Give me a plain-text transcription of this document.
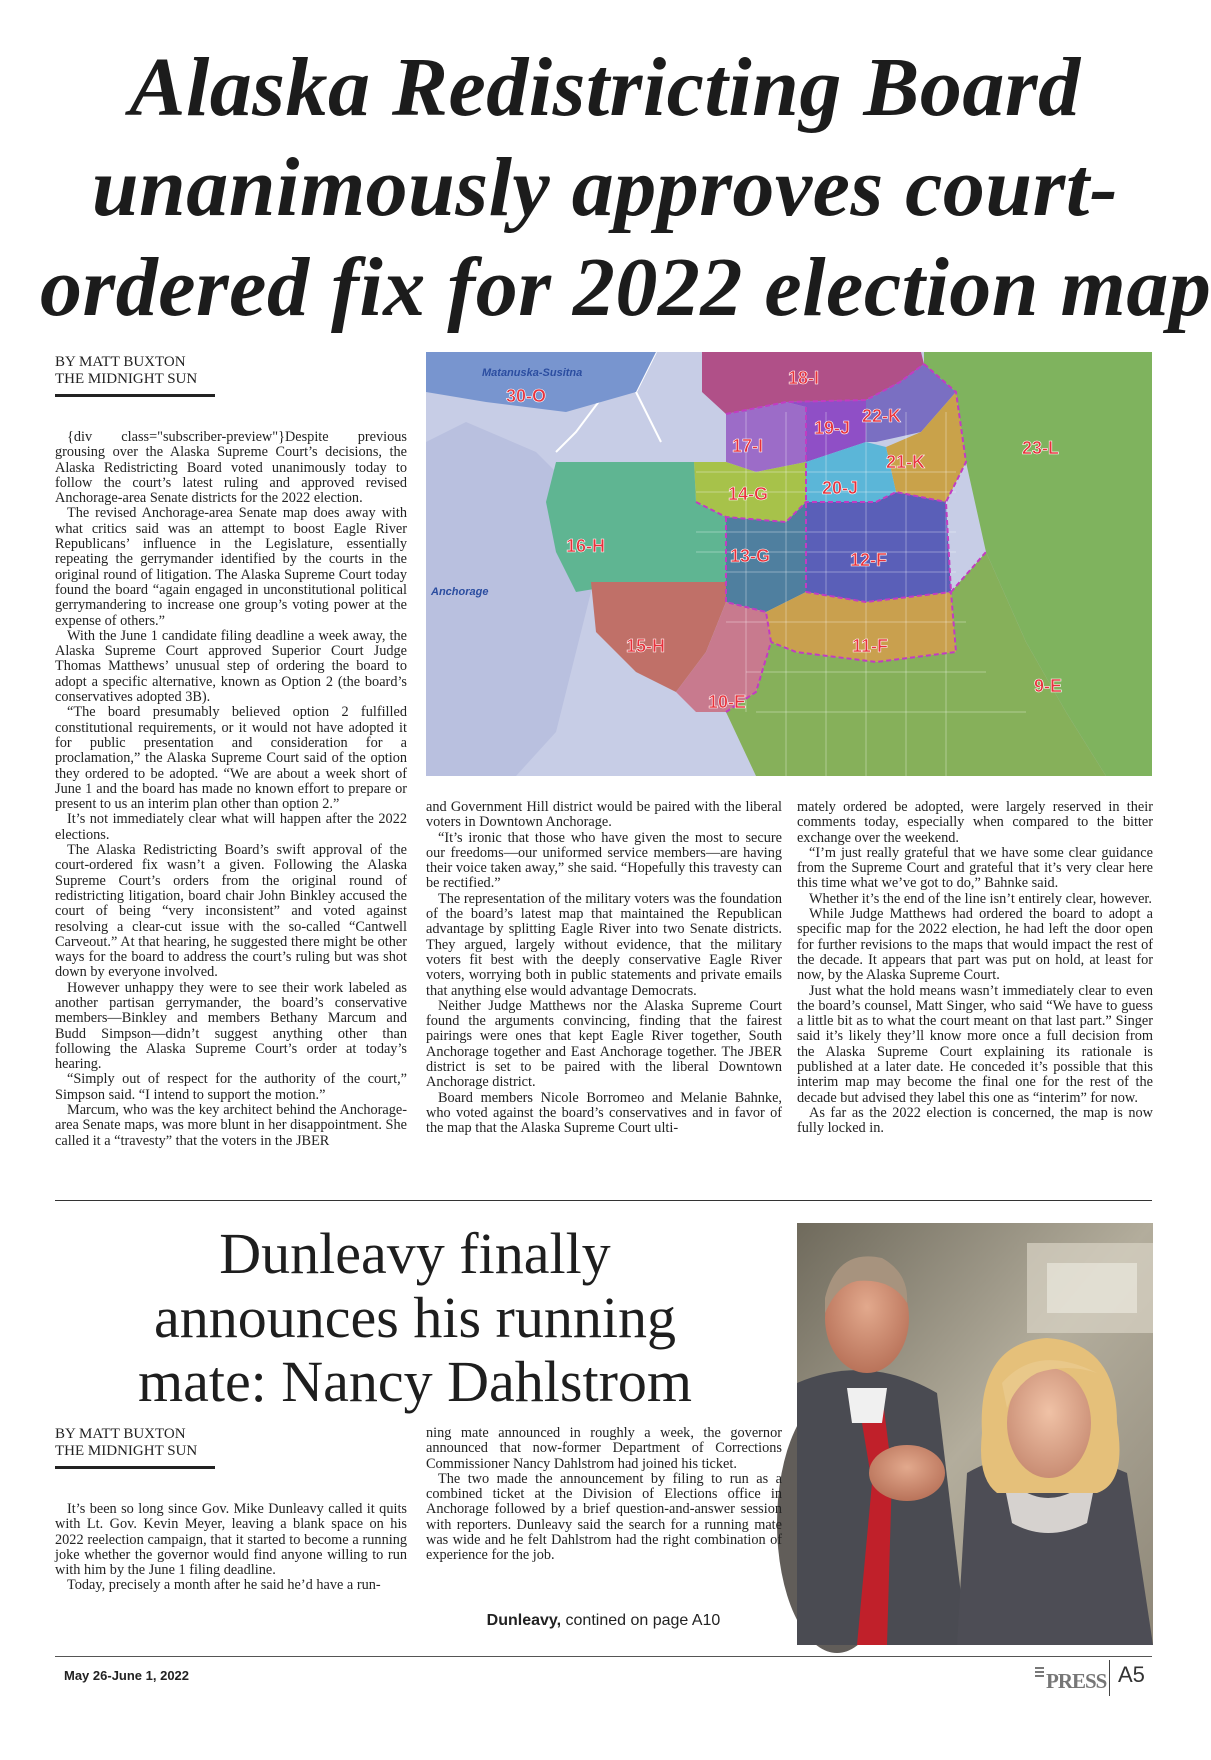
Alaska Redistricting Board
unanimously approves court-
ordered fix for 2022 election map
BY MATT BUXTON
THE MIDNIGHT SUN

{div class="subscriber-preview"}Despite previous grousing over the Alaska Supreme Court’s decisions, the Alaska Redistricting Board voted unanimously today to follow the court’s latest ruling and approved revised Anchorage-area Senate districts for the 2022 election.

The revised Anchorage-area Senate map does away with what critics said was an attempt to boost Eagle River Republicans’ influence in the Legislature, essentially repeating the gerrymander identified by the courts in the original round of litigation. The Alaska Supreme Court today found the board “again engaged in unconstitutional political gerrymandering to increase one group’s voting power at the expense of others.”

With the June 1 candidate filing deadline a week away, the Alaska Supreme Court approved Superior Court Judge Thomas Matthews’ unusual step of ordering the board to adopt a specific alternative, known as Option 2 (the board’s conservatives adopted 3B).

“The board presumably believed option 2 fulfilled constitutional requirements, or it would not have adopted it for public presentation and consideration for a proclamation,” the Alaska Supreme Court said of the option they ordered to be adopted. “We are about a week short of June 1 and the board has made no known effort to prepare or present to us an interim plan other than option 2.”

It’s not immediately clear what will happen after the 2022 elections.

The Alaska Redistricting Board’s swift approval of the court-ordered fix wasn’t a given. Following the Alaska Supreme Court’s orders from the original round of redistricting litigation, board chair John Binkley accused the court of being “very inconsistent” and voted against resolving a clear-cut issue with the so-called “Cantwell Carveout.” At that hearing, he suggested there might be other ways for the board to address the court’s ruling but was shot down by everyone involved.

However unhappy they were to see their work labeled as another partisan gerrymander, the board’s conservative members—Binkley and members Bethany Marcum and Budd Simpson—didn’t suggest anything other than following the Alaska Supreme Court’s order at today’s hearing.

“Simply out of respect for the authority of the court,” Simpson said. “I intend to support the motion.”

Marcum, who was the key architect behind the Anchorage-area Senate maps, was more blunt in her disappointment. She called it a “travesty” that the voters in the JBER

30-O
18-I
19-J
22-K
23-L
17-I
21-K
20-J
14-G
16-H	13-G	12-F
15-H	11-F
10-E
9-E
Matanuska-Susitna
Anchorage

and Government Hill district would be paired with the liberal voters in Downtown Anchorage.

“It’s ironic that those who have given the most to secure our freedoms—our uniformed service members—are having their voice taken away,” she said. “Hopefully this travesty can be rectified.”

The representation of the military voters was the foundation of the board’s latest map that maintained the Republican advantage by splitting Eagle River into two Senate districts. They argued, largely without evidence, that the military voters fit best with the deeply conservative Eagle River voters, worrying both in public statements and private emails that anything else would advantage Democrats.

Neither Judge Matthews nor the Alaska Supreme Court found the arguments convincing, finding that the fairest pairings were ones that kept Eagle River together, South Anchorage together and East Anchorage together. The JBER district is set to be paired with the liberal Downtown Anchorage district.

Board members Nicole Borromeo and Melanie Bahnke, who voted against the board’s conservatives and in favor of the map that the Alaska Supreme Court ulti-

mately ordered be adopted, were largely reserved in their comments today, especially when compared to the bitter exchange over the weekend.

“I’m just really grateful that we have some clear guidance from the Supreme Court and grateful that it’s very clear here this time what we’ve got to do,” Bahnke said.

Whether it’s the end of the line isn’t entirely clear, however.

While Judge Matthews had ordered the board to adopt a specific map for the 2022 election, he had left the door open for further revisions to the maps that would impact the rest of the decade. It appears that part was put on hold, at least for now, by the Alaska Supreme Court.

Just what the hold means wasn’t immediately clear to even the board’s counsel, Matt Singer, who said “We have to guess a little bit as to what the court meant on that last part.” Singer said it’s likely they’ll know more once a full decision from the Alaska Supreme Court explaining its rationale is published at a later date. He conceded it’s possible that this interim map may become the final one for the rest of the decade but advised they label this one as “interim” for now.

As far as the 2022 election is concerned, the map is now fully locked in.

Dunleavy finally
announces his running
mate: Nancy Dahlstrom
BY MATT BUXTON
THE MIDNIGHT SUN

It’s been so long since Gov. Mike Dunleavy called it quits with Lt. Gov. Kevin Meyer, leaving a blank space on his 2022 reelection campaign, that it started to become a running joke whether the governor would find anyone willing to run with him by the June 1 filing deadline.

Today, precisely a month after he said he’d have a run-

ning mate announced in roughly a week, the governor announced that now-former Department of Corrections Commissioner Nancy Dahlstrom had joined his ticket.

The two made the announcement by filing to run as a combined ticket at the Division of Elections office in Anchorage followed by a brief question-and-answer session with reporters. Dunleavy said the search for a running mate was wide and he felt Dahlstrom had the right combination of experience for the job.

Dunleavy, contined on page A10
May 26-June 1, 2022	PRESS A5
